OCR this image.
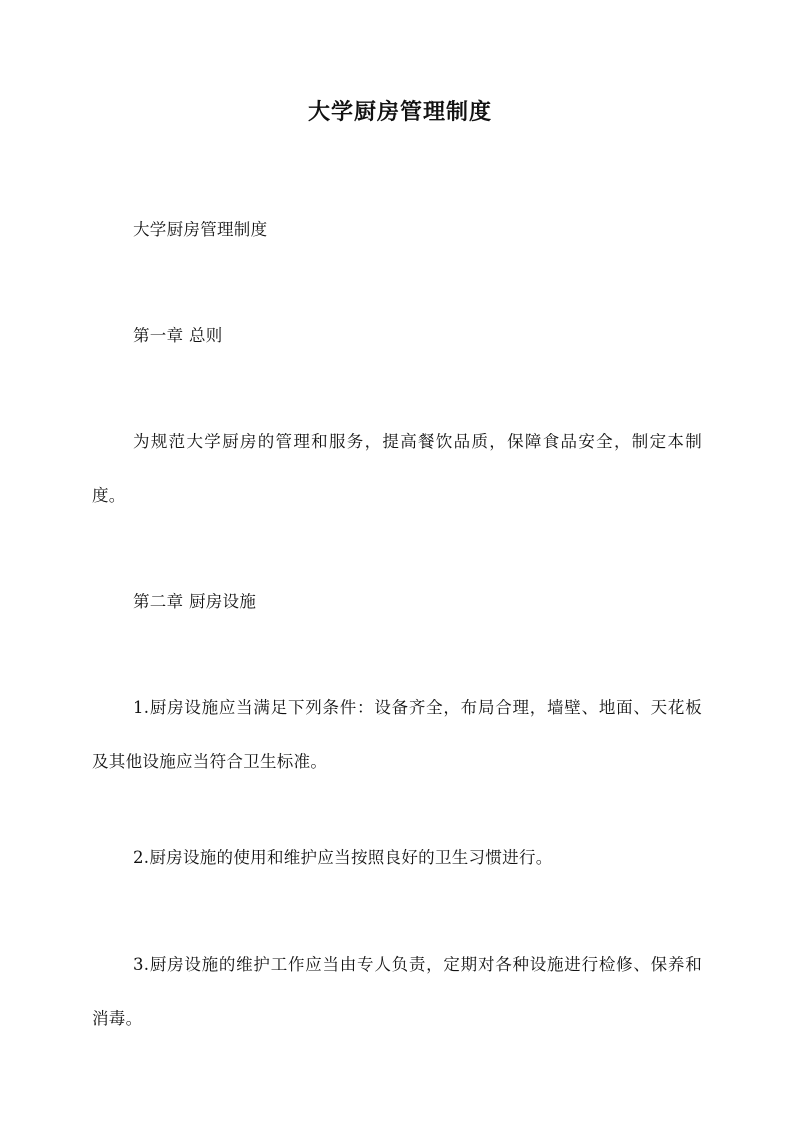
大学厨房管理制度

大学厨房管理制度

第一章 总则

为规范大学厨房的管理和服务，提高餐饮品质，保障食品安全，制定本制度。

第二章 厨房设施

1.厨房设施应当满足下列条件：设备齐全，布局合理，墙壁、地面、天花板及其他设施应当符合卫生标准。

2.厨房设施的使用和维护应当按照良好的卫生习惯进行。

3.厨房设施的维护工作应当由专人负责，定期对各种设施进行检修、保养和消毒。
